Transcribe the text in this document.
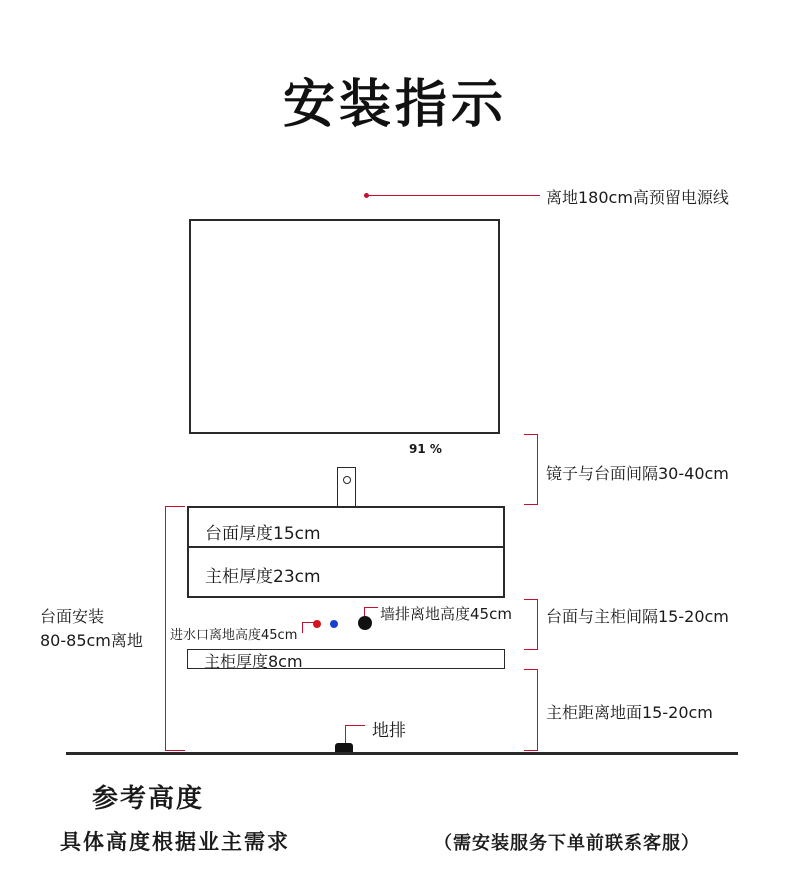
安装指示
离地180cm高预留电源线
91 %
镜子与台面间隔30-40cm
台面厚度15cm
主柜厚度23cm
台面与主柜间隔15-20cm
进水口离地高度45cm
墙排离地高度45cm
主柜厚度8cm
主柜距离地面15-20cm
台面安装
80-85cm离地
地排
参考高度
具体高度根据业主需求	（需安装服务下单前联系客服）
